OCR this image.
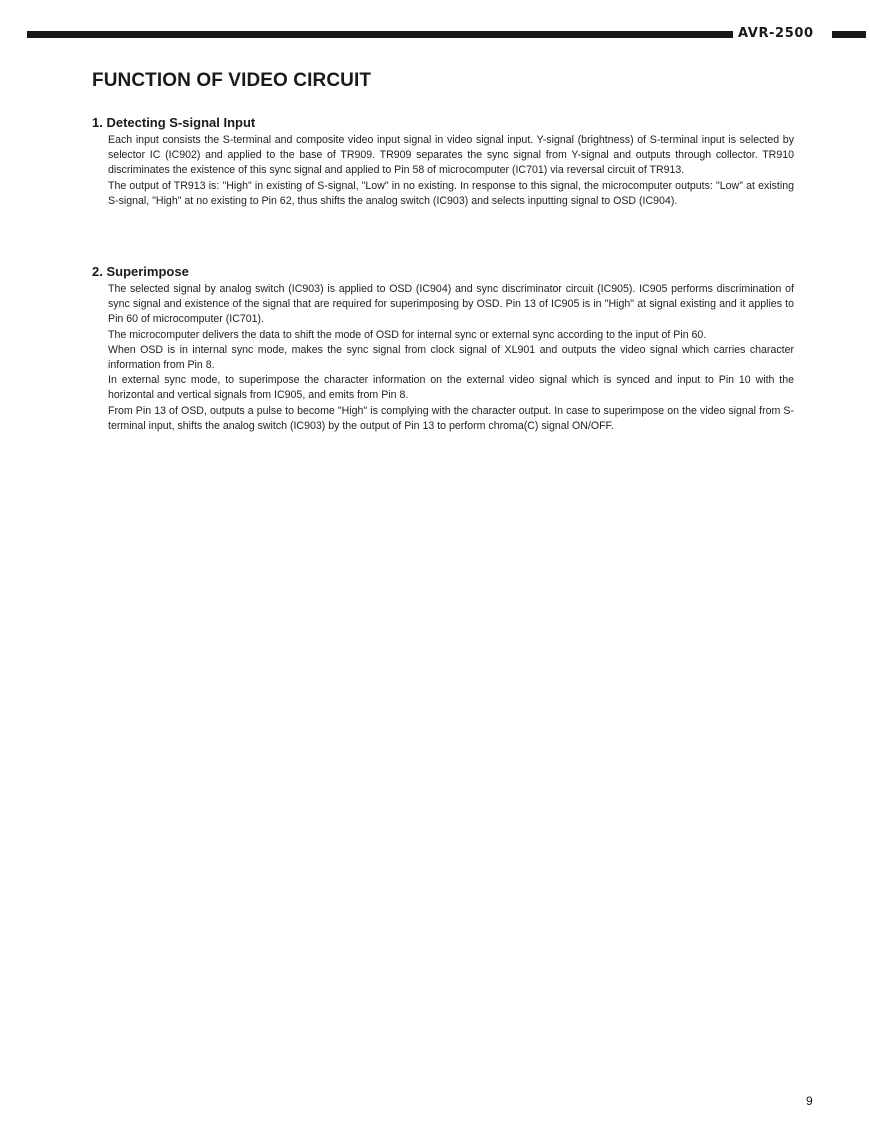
AVR-2500
FUNCTION OF VIDEO CIRCUIT
1. Detecting S-signal Input

Each input consists the S-terminal and composite video input signal in video signal input. Y-signal (brightness) of S-terminal input is selected by selector IC (IC902) and applied to the base of TR909. TR909 separates the sync signal from Y-signal and outputs through collector. TR910 discriminates the existence of this sync signal and applied to Pin 58 of microcomputer (IC701) via reversal circuit of TR913.

The output of TR913 is: "High" in existing of S-signal, "Low" in no existing. In response to this signal, the microcomputer outputs: "Low" at existing S-signal, "High" at no existing to Pin 62, thus shifts the analog switch (IC903) and selects inputting signal to OSD (IC904).

2. Superimpose

The selected signal by analog switch (IC903) is applied to OSD (IC904) and sync discriminator circuit (IC905). IC905 performs discrimination of sync signal and existence of the signal that are required for superimposing by OSD. Pin 13 of IC905 is in "High" at signal existing and it applies to Pin 60 of microcomputer (IC701).

The microcomputer delivers the data to shift the mode of OSD for internal sync or external sync according to the input of Pin 60.

When OSD is in internal sync mode, makes the sync signal from clock signal of XL901 and outputs the video signal which carries character information from Pin 8.

In external sync mode, to superimpose the character information on the external video signal which is synced and input to Pin 10 with the horizontal and vertical signals from IC905, and emits from Pin 8.

From Pin 13 of OSD, outputs a pulse to become "High" is complying with the character output. In case to superimpose on the video signal from S-terminal input, shifts the analog switch (IC903) by the output of Pin 13 to perform chroma(C) signal ON/OFF.

9
